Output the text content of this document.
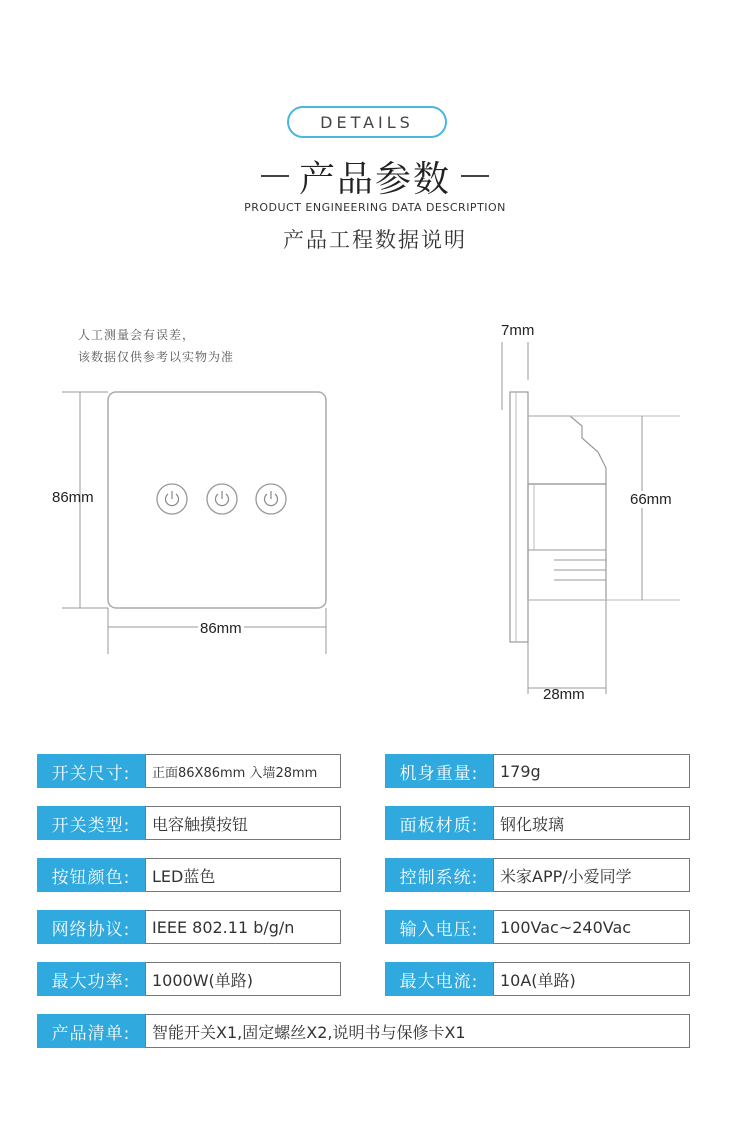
DETAILS
产品参数
PRODUCT ENGINEERING DATA DESCRIPTION
产品工程数据说明
人工测量会有误差，
该数据仅供参考以实物为准
86mm
86mm
7mm
66mm
28mm
开关尺寸:	正面86X86mm 入墙28mm	机身重量:	179g
开关类型:	电容触摸按钮	面板材质:	钢化玻璃
按钮颜色:	LED蓝色	控制系统:	米家APP/小爱同学
网络协议:	IEEE 802.11 b/g/n	输入电压:	100Vac~240Vac
最大功率:	1000W(单路)	最大电流:	10A(单路)
产品清单:	智能开关X1,固定螺丝X2,说明书与保修卡X1
